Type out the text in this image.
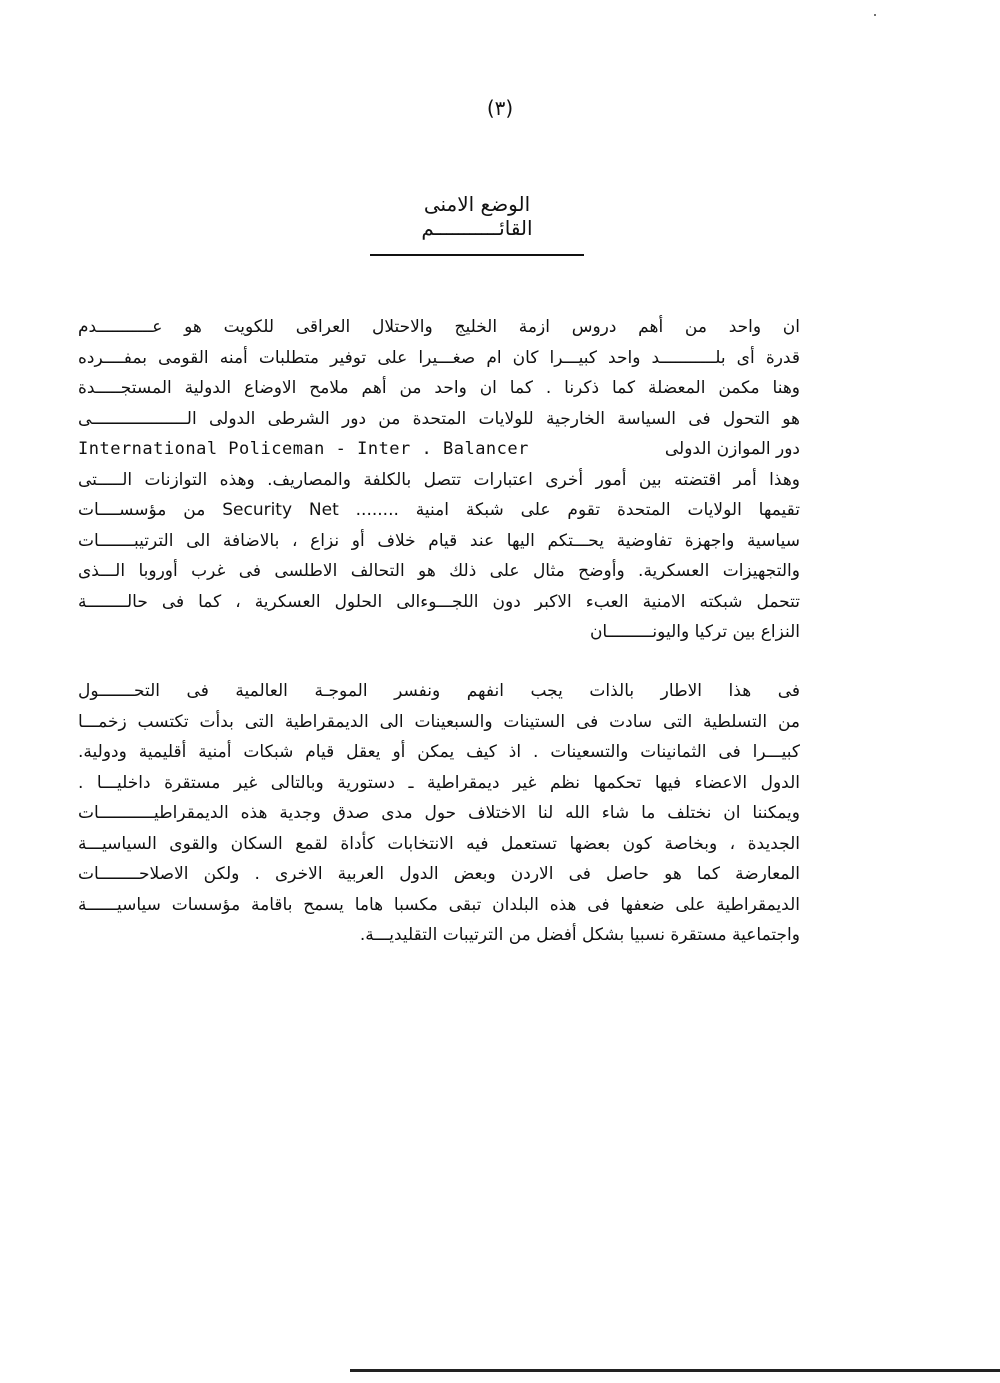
(٣)
الوضع الامنى القائـــــــــــم
ان واحد من أهم دروس ازمة الخليج والاحتلال العراقى للكويت هو عـــــــــــدم
قدرة أى بلـــــــــــد واحد كبيـــرا كان ام صغـــيرا على توفير متطلبات أمنه القومى بمفــــرده
وهنا مكمن المعضلة كما ذكرنا . كما ان واحد من أهم ملامح الاوضاع الدولية المستجـــــدة
هو التحول فى السياسة الخارجية للولايات المتحدة من دور الشرطى الدولى الـــــــــــــــــــى
International Policeman - Inter . Balancer	دور الموازن الدولى
وهذا أمر اقتضته بين أمور أخرى اعتبارات تتصل بالكلفة والمصاريف. وهذه التوازنات الـــــتى
تقيمها الولايات المتحدة تقوم على شبكة امنية ........ Security Net من مؤسســــات
سياسية واجهزة تفاوضية يحـــتكم اليها عند قيام خلاف أو نزاع ، بالاضافة الى الترتيبـــــــات
والتجهيزات العسكرية. وأوضح مثال على ذلك هو التحالف الاطلسى فى غرب أوروبا الـــذى
تتحمل شبكته الامنية العبء الاكبر دون اللجـــوءالى الحلول العسكرية ، كما فى حالــــــــة
النزاع بين تركيا واليونـــــــــان
فى هذا الاطار بالذات يجب انفهم ونفسر الموجـة العالمية فى التحـــــــول
من التسلطية التى سادت فى الستينات والسبعينات الى الديمقراطية التى بدأت تكتسب زخمـــا
كبيـــرا فى الثمانينات والتسعينات . اذ كيف يمكن أو يعقل قيام شبكات أمنية أقليمية ودولية.
الدول الاعضاء فيها تحكمها نظم غير ديمقراطية ـ دستورية وبالتالى غير مستقرة داخليـــا .
ويمكننا ان نختلف ما شاء الله لنا الاختلاف حول مدى صدق وجدية هذه الديمقراطيـــــــــــات
الجديدة ، وبخاصة كون بعضها تستعمل فيه الانتخابات كأداة لقمع السكان والقوى السياسيـــة
المعارضة كما هو حاصل فى الاردن وبعض الدول العربية الاخرى . ولكن الاصلاحــــــــات
الديمقراطية على ضعفها فى هذه البلدان تبقى مكسبا هاما يسمح باقامة مؤسسات سياسيــــــة
واجتماعية مستقرة نسبيا بشكل أفضل من الترتيبات التقليديـــة.
